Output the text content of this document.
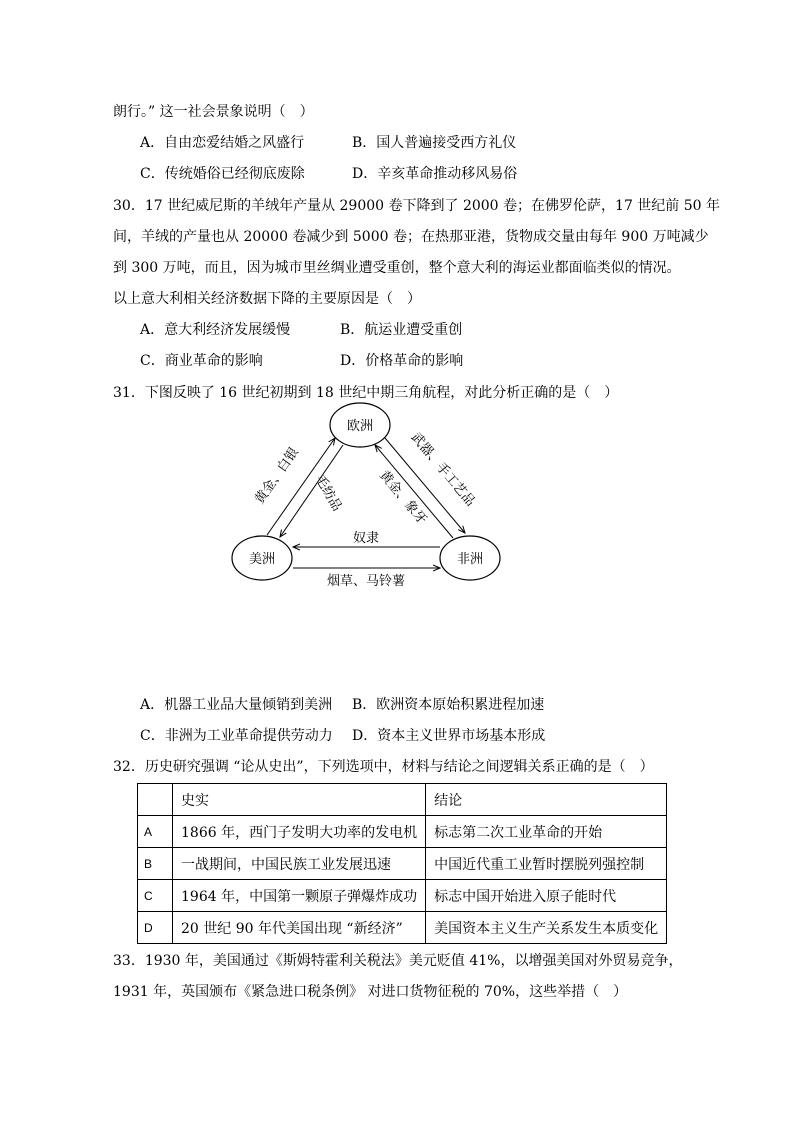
朗行。” 这一社会景象说明（　）
A．自由恋爱结婚之风盛行	B．国人普遍接受西方礼仪
C．传统婚俗已经彻底废除	D．辛亥革命推动移风易俗
30．17 世纪威尼斯的羊绒年产量从 29000 卷下降到了 2000 卷；在佛罗伦萨，17 世纪前 50 年
间，羊绒的产量也从 20000 卷减少到 5000 卷；在热那亚港，货物成交量由每年 900 万吨减少
到 300 万吨，而且，因为城市里丝绸业遭受重创，整个意大利的海运业都面临类似的情况。
以上意大利相关经济数据下降的主要原因是（　）
A．意大利经济发展缓慢	B．航运业遭受重创
C．商业革命的影响	D．价格革命的影响
31．下图反映了 16 世纪初期到 18 世纪中期三角航程，对此分析正确的是（　）
欧洲
美洲	非洲
奴隶
烟草、马铃薯
黄金、白银 毛纺品 黄金、象牙
武器、手工艺品
A．机器工业品大量倾销到美洲 B．欧洲资本原始积累进程加速
C．非洲为工业革命提供劳动力 D．资本主义世界市场基本形成
32．历史研究强调 “论从史出”，下列选项中，材料与结论之间逻辑关系正确的是（　）
	史实	结论
A	1866 年，西门子发明大功率的发电机	标志第二次工业革命的开始
B	一战期间，中国民族工业发展迅速	中国近代重工业暂时摆脱列强控制
C	1964 年，中国第一颗原子弹爆炸成功	标志中国开始进入原子能时代
D	20 世纪 90 年代美国出现 “新经济”	美国资本主义生产关系发生本质变化
33．1930 年，美国通过《斯姆特霍利关税法》美元贬值 41%，以增强美国对外贸易竞争，
1931 年，英国颁布《紧急进口税条例》 对进口货物征税的 70%，这些举措（　）
